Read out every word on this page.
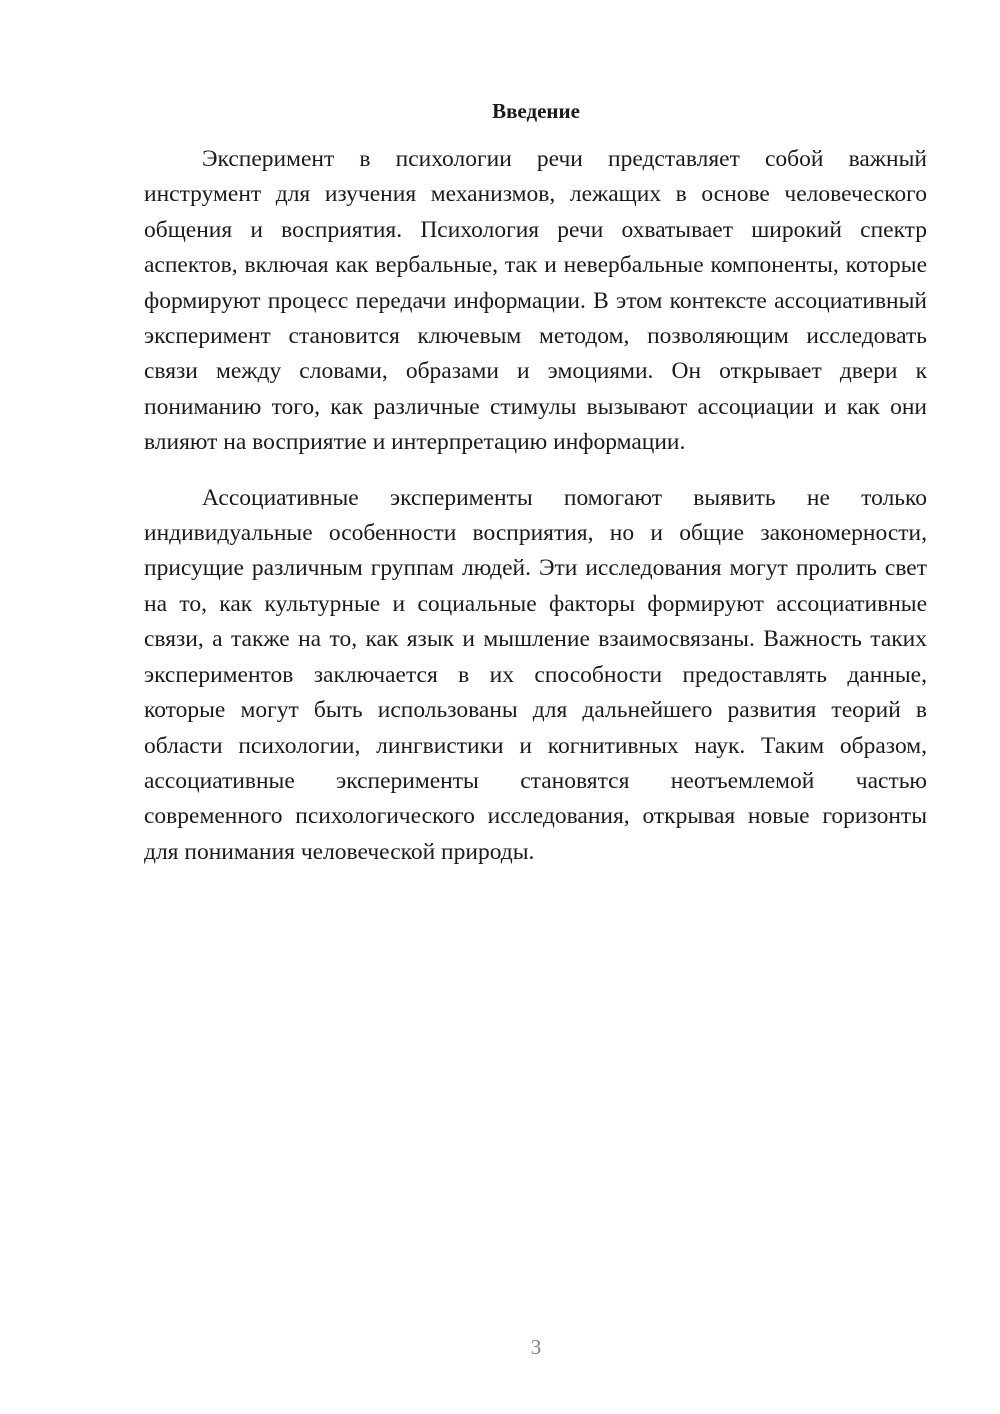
Введение

Эксперимент в психологии речи представляет собой важный инструмент для изучения механизмов, лежащих в основе человеческого общения и восприятия. Психология речи охватывает широкий спектр аспектов, включая как вербальные, так и невербальные компоненты, которые формируют процесс передачи информации. В этом контексте ассоциативный эксперимент становится ключевым методом, позволяющим исследовать связи между словами, образами и эмоциями. Он открывает двери к пониманию того, как различные стимулы вызывают ассоциации и как они влияют на восприятие и интерпретацию информации.

Ассоциативные эксперименты помогают выявить не только индивидуальные особенности восприятия, но и общие закономерности, присущие различным группам людей. Эти исследования могут пролить свет на то, как культурные и социальные факторы формируют ассоциативные связи, а также на то, как язык и мышление взаимосвязаны. Важность таких экспериментов заключается в их способности предоставлять данные, которые могут быть использованы для дальнейшего развития теорий в области психологии, лингвистики и когнитивных наук. Таким образом, ассоциативные эксперименты становятся неотъемлемой частью современного психологического исследования, открывая новые горизонты для понимания человеческой природы.

3
